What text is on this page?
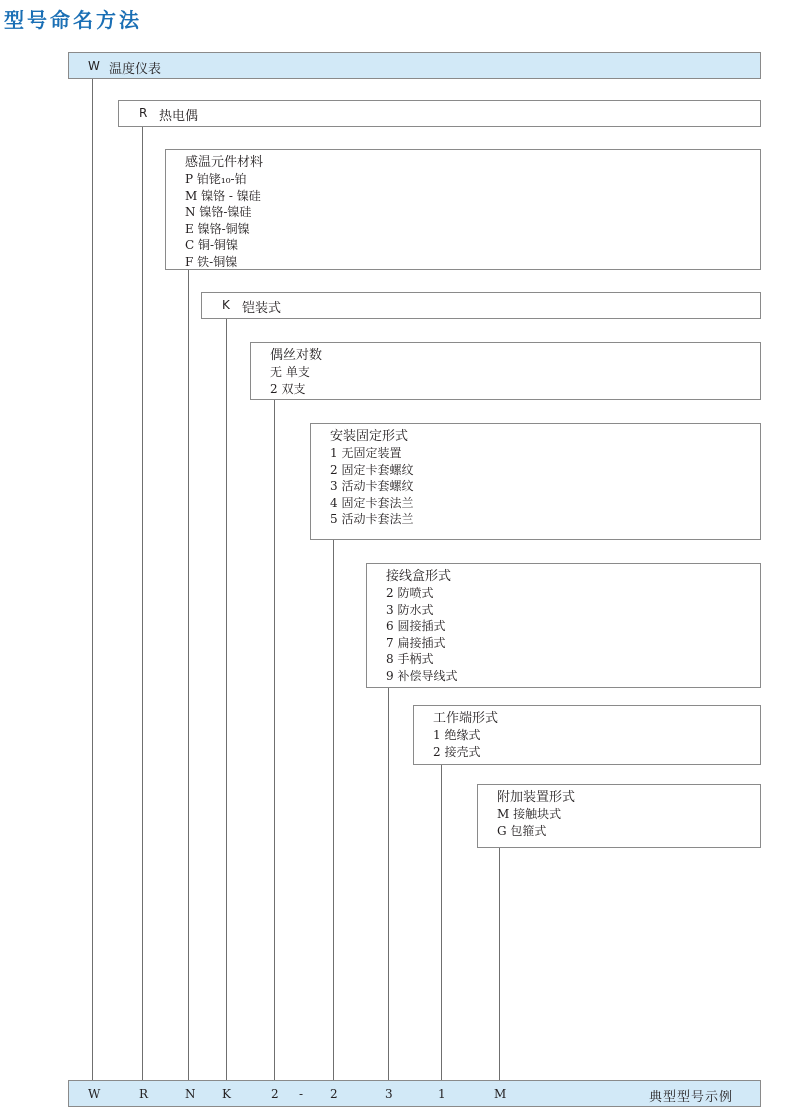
型号命名方法
W 温度仪表
R 热电偶
感温元件材料
P 铂铑₁₀-铂
M 镍铬 - 镍硅
N 镍铬-镍硅
E 镍铬-铜镍
C 铜-铜镍
F 铁-铜镍
K 铠装式
偶丝对数
无 单支
2 双支
安装固定形式
1 无固定装置
2 固定卡套螺纹
3 活动卡套螺纹
4 固定卡套法兰
5 活动卡套法兰
接线盒形式
2 防喷式
3 防水式
6 圆接插式
7 扁接插式
8 手柄式
9 补偿导线式
工作端形式
1 绝缘式
2 接壳式
附加装置形式
M 接触块式
G 包箍式
W	R	N K	2 - 2	3	1	M	典型型号示例
